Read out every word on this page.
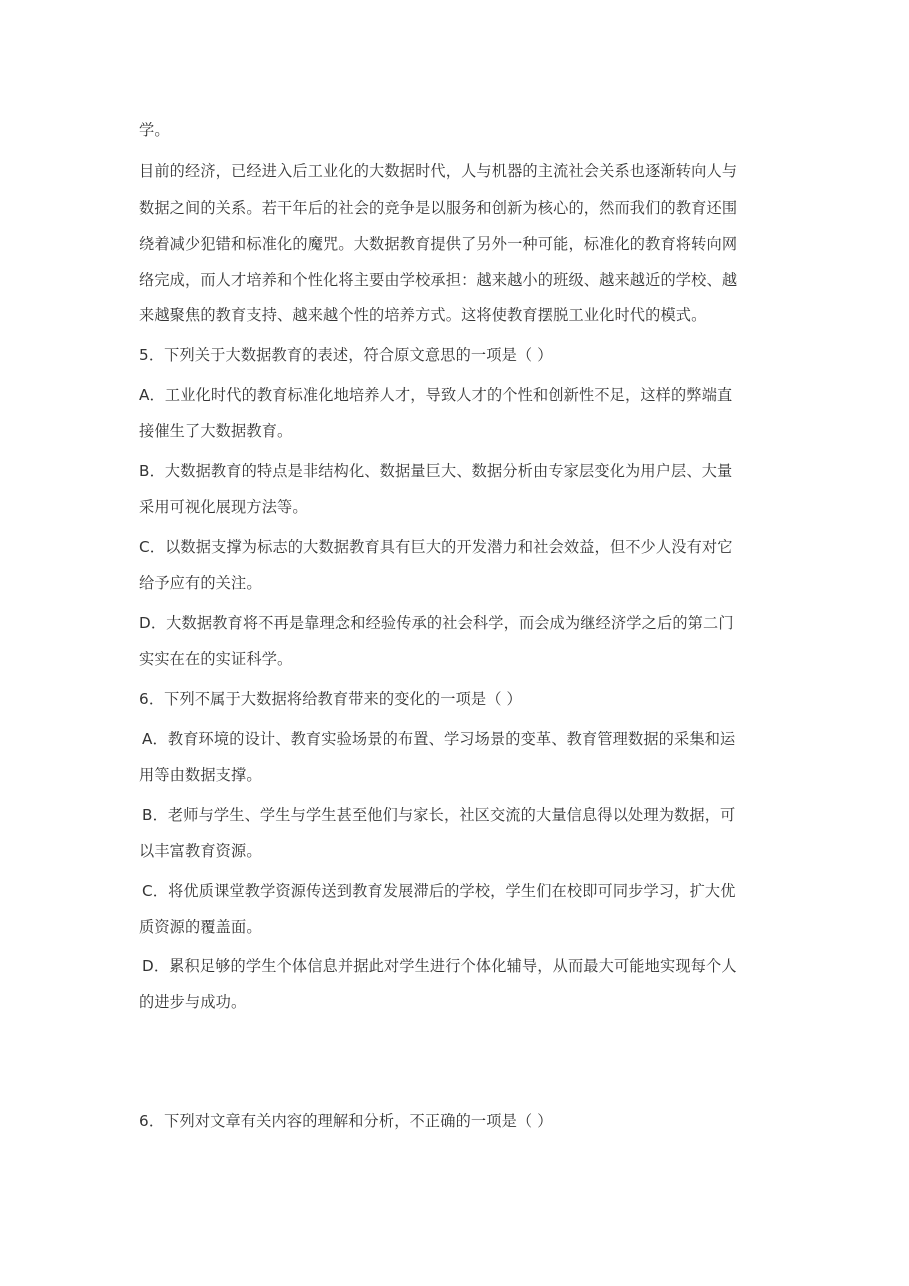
学。
目前的经济，已经进入后工业化的大数据时代，人与机器的主流社会关系也逐渐转向人与
数据之间的关系。若干年后的社会的竞争是以服务和创新为核心的，然而我们的教育还围
绕着减少犯错和标准化的魔咒。大数据教育提供了另外一种可能，标准化的教育将转向网
络完成，而人才培养和个性化将主要由学校承担：越来越小的班级、越来越近的学校、越
来越聚焦的教育支持、越来越个性的培养方式。这将使教育摆脱工业化时代的模式。
5．下列关于大数据教育的表述，符合原文意思的一项是（ ）
A．工业化时代的教育标准化地培养人才，导致人才的个性和创新性不足，这样的弊端直
接催生了大数据教育。
B．大数据教育的特点是非结构化、数据量巨大、数据分析由专家层变化为用户层、大量
采用可视化展现方法等。
C．以数据支撑为标志的大数据教育具有巨大的开发潜力和社会效益，但不少人没有对它
给予应有的关注。
D．大数据教育将不再是靠理念和经验传承的社会科学，而会成为继经济学之后的第二门
实实在在的实证科学。
6．下列不属于大数据将给教育带来的变化的一项是（ ）
A．教育环境的设计、教育实验场景的布置、学习场景的变革、教育管理数据的采集和运
用等由数据支撑。
B．老师与学生、学生与学生甚至他们与家长，社区交流的大量信息得以处理为数据，可
以丰富教育资源。
C．将优质课堂教学资源传送到教育发展滞后的学校，学生们在校即可同步学习，扩大优
质资源的覆盖面。
D．累积足够的学生个体信息并据此对学生进行个体化辅导，从而最大可能地实现每个人
的进步与成功。
6．下列对文章有关内容的理解和分析，不正确的一项是（ ）
